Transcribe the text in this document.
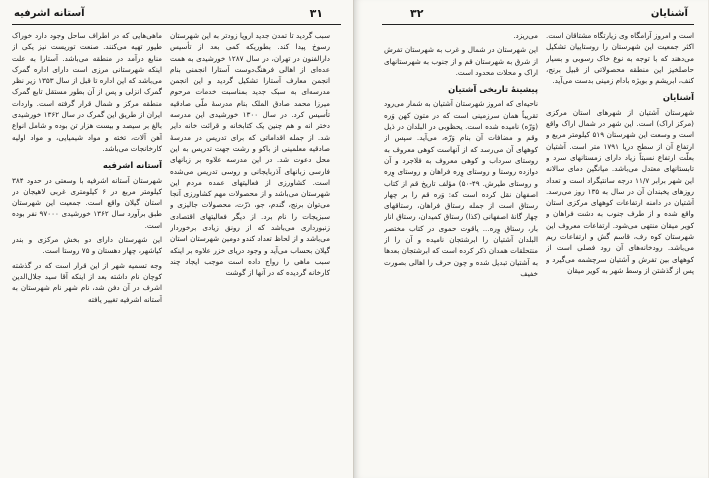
آستانه اشرفیه	۳۱

سبب گردید تا تمدن جدید اروپا زودتر به این شهرستان رسوخ پیدا کند. بطوریکه کمی بعد از تأسیس دارالفنون در تهران، در سال ۱۲۸۷ خورشیدی به همت عده‌ای از اهالی فرهنگ‌دوست آستارا انجمنی بنام انجمن معارف آستارا تشکیل گردید و این انجمن مدرسه‌ای به سبک جدید بمناسبت خدمات مرحوم میرزا محمد صادق الملک بنام مدرسهٔ ملّی صادقیه تأسیس کرد. در سال ۱۳۰۰ خورشیدی این مدرسه دختر انه و هم چنین یک کتابخانه و قرائت خانه دایر شد. از جمله اقداماتی که برای تدریس در مدرسهٔ صادقیه معلمینی از باکو و رشت جهت تدریس به این محل دعوت شد. در این مدرسه علاوه بر زبانهای فارسی زبانهای آذربایجانی و روسی تدریس می‌شده است. کشاورزی از فعالیتهای عمده مردم این شهرستان می‌باشد و از محصولات مهم کشاورزی آنجا می‌توان برنج، گندم، جو، ذرّت، محصولات جالیزی و سبزیجات را نام برد. از دیگر فعالیتهای اقتصادی زنبورداری می‌باشد که از رونق زیادی برخوردار می‌باشد و از لحاظ تعداد کندو دومین شهرستان استان گیلان بحساب می‌آید و وجود دریای خزر علاوه بر اینکه سبب ماهی را رواج داده است موجب ایجاد چند کارخانه گردیده که در آنها از گوشت

ماهی‌هایی که در اطراف ساحل وجود دارد خوراک طیور تهیه می‌کنند. صنعت توریست نیز یکی از منابع درآمد در منطقه می‌باشد. آستارا به علت اینکه شهرستانی مرزی است دارای اداره گمرک می‌باشد که این اداره تا قبل از سال ۱۳۵۳ زیر نظر گمرک انزلی و پس از آن بطور مستقل تابع گمرک منطقه مرکز و شمال قرار گرفته است. واردات ایران از طریق این گمرک در سال ۱۳۶۲ خورشیدی بالغ بر سیصد و بیست هزار تن بوده و شامل انواع آهن آلات، تخته و مواد شیمیایی، و مواد اولیه کارخانجات می‌باشد.

آستانه اشرفیه

شهرستان آستانه اشرفیه با وسعتی در حدود ۳۸۴ کیلومتر مربع در ۶ کیلومتری غربی لاهیجان در استان گیلان واقع است. جمعیت این شهرستان طبق برآورد سال ۱۳۶۲ خورشیدی ۹۷۰۰۰ نفر بوده است.

این شهرستان دارای دو بخش مرکزی و بندر کیاشهر، چهار دهستان و ۷۵ روستا است.

وجه تسمیه شهر از این قرار است که در گذشته کوچان نام داشته بعد از اینکه آقا سید جلال‌الدین اشرف در آن دفن شد، نام شهر نام شهرستان به آستانه اشرفیه تغییر یافته

۳۲	آشنایان

است و امروز آرامگاه وی زیارتگاه مشتاقان است. اکثر جمعیت این شهرستان را روستاییان تشکیل می‌دهند که با توجه به نوع خاک رسوبی و بسیار حاصلخیز این منطقه محصولاتی از قبیل برنج، کنف، ابریشم و بویژه بادام زمینی بدست می‌آید.

آشنایان

شهرستان آشتیان از شهرهای استان مرکزی (مرکز اراک) است. این شهر در شمال اراک واقع است و وسعت این شهرستان ۵۱۹ کیلومتر مربع و ارتفاع آن از سطح دریا ۱۷۹۱ متر است. آشتیان بعلّت ارتفاع نسبتاً زیاد دارای زمستانهای سرد و تابستانهای معتدل می‌باشد. میانگین دمای سالانه این شهر برابر ۱۱/۷ درجه سانتیگراد است و تعداد روزهای یخبندان آن در سال به ۱۳۵ روز می‌رسد. آشتیان در دامنه ارتفاعات کوههای مرکزی استان واقع شده و از طرف جنوب به دشت فراهان و کویر میقان منتهی می‌شود. ارتفاعات معروف این شهرستان کوه رف، قاسم گش و ارتفاعات ریم می‌باشد. رودخانه‌های آن رود فصلی است از کوههای بین تفرش و آشتیان سرچشمه می‌گیرد و پس از گذشتن از وسط شهر به کویر میقان

می‌ریزد.

این شهرستان در شمال و غرب به شهرستان تفرش از شرق به شهرستان قم و از جنوب به شهرستانهای اراک و محلات محدود است.

پیشینهٔ تاریخی آشتیان

ناحیه‌ای که امروز شهرستان آشتیان به شمار می‌رود تقریباً همان سرزمینی است که در متون کهن وَره (وَرّه) نامیده شده است. یحظوبی در البلدان در ذیل وقم و مضافات آن بنام وَرّه، می‌آید. سپس از کوههای آن می‌رسد که از آنهاست کوهی معروف به روستای سرداب و کوهی معروف به فلاجرد و آن دوازده روستا و روستای وِره فراهان و روستای وِره و روستای طیرش. ۴۹-۵۰) مؤلف تاریخ قم از کتاب اصفهان نقل کرده است که: وَره قم را بر چهار رستاق است از جمله رستاق فراهان، رستاقهای چهار گانهٔ اصفهانی (کذا) رستاق کمیدان، رستاق انار بار، رستاق وِره... یاقوت حموی در کتاب مختصر البلدان آشتیان را ابرشتجان نامیده و آن را از منتحلقات همدان ذکر کرده است که ابرشتجان بعدها به آشتیان تبدیل شده و چون حرف را اهالی بصورت خفیف
